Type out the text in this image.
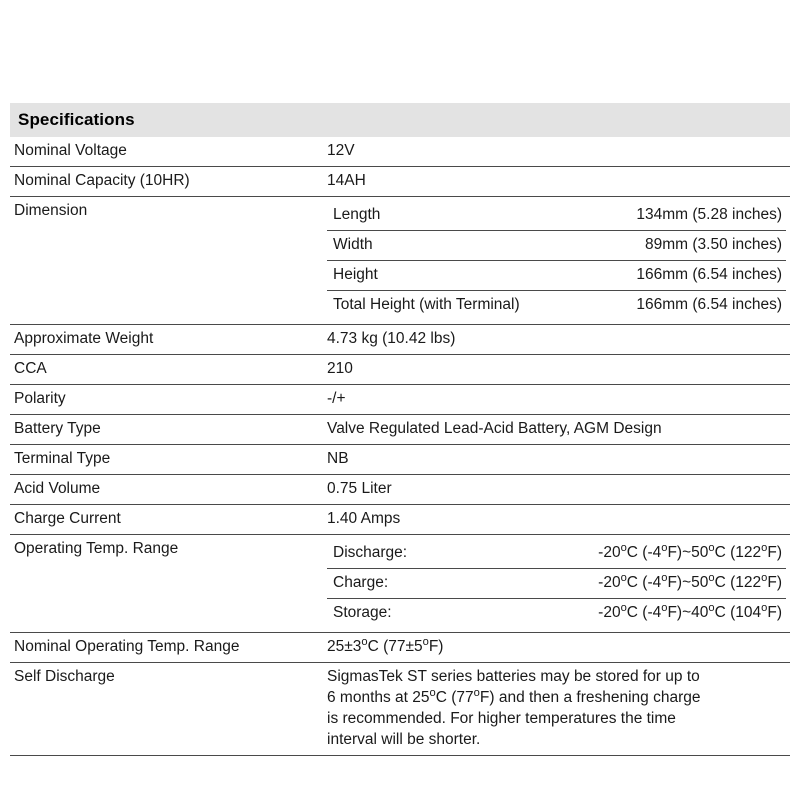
Specifications
Nominal Voltage	12V
Nominal Capacity (10HR)	14AH
Dimension		Length	134mm (5.28 inches)
Width	89mm (3.50 inches)
Height	166mm (6.54 inches)
Total Height (with Terminal)	166mm (6.54 inches)

Approximate Weight	4.73 kg (10.42 lbs)
CCA	210
Polarity	-/+
Battery Type	Valve Regulated Lead-Acid Battery, AGM Design
Terminal Type	NB
Acid Volume	0.75 Liter
Charge Current	1.40 Amps
Operating Temp. Range		Discharge:	-20$^o$C (-4$^o$F)~50$^o$C (122$^o$F)
Charge:	-20$^o$C (-4$^o$F)~50$^o$C (122$^o$F)
Storage:	-20$^o$C (-4$^o$F)~40$^o$C (104$^o$F)

Nominal Operating Temp. Range	$25\pm 3^oC$ $(77\pm 5^oF)$
Self Discharge	SigmasTek ST series batteries may be stored for up to
6 months at 25$^o$C (77$^o$F) and then a freshening charge
is recommended. For higher temperatures the time
interval will be shorter.
